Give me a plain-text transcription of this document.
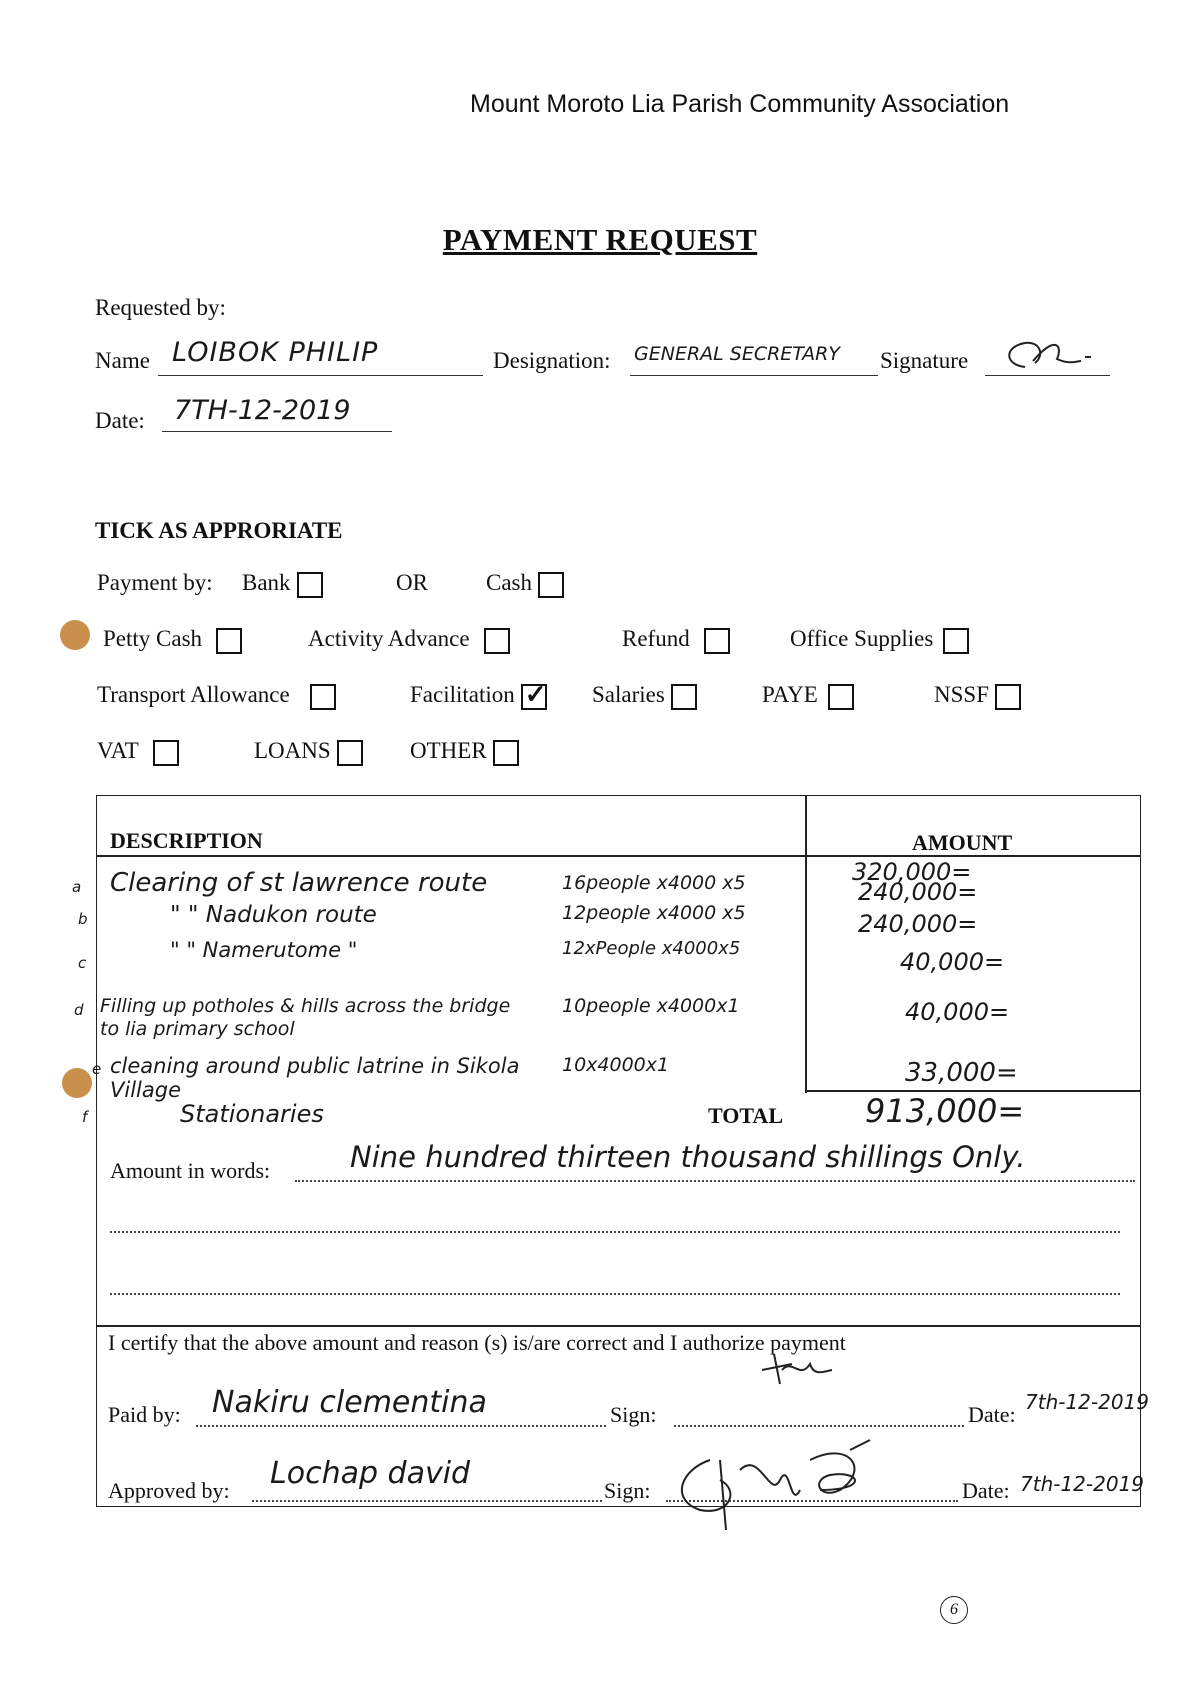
Mount Moroto Lia Parish Community Association
PAYMENT REQUEST
Requested by:
Name LOIBOK PHILIP	Designation: GENERAL SECRETARY Signature
Date: 7TH-12-2019
TICK AS APPRORIATE
Payment by: Bank	OR	Cash
Petty Cash	Activity Advance	Refund	Office Supplies
Transport Allowance	Facilitation✓	Salaries	PAYE	NSSF
VAT	LOANS	OTHER
DESCRIPTION	AMOUNT
a Clearing of st lawrence route	16people x4000 x5	320,000=
b	" " Nadukon route	12people x4000 x5
240,000=
c
" " Namerutome "	12xPeople x4000x5
240,000=
40,000=
d Filling up potholes & hills across the bridge to lia primary school
10people x4000x1	40,000=
e cleaning around public latrine in Sikola Village
10x4000x1	33,000=
f	Stationaries	TOTAL	913,000=
Amount in words:	Nine hundred thirteen thousand shillings Only.
I certify that the above amount and reason (s) is/are correct and I authorize payment
Paid by: Nakiru clementina	Sign:	Date: 7th-12-2019
Approved by: Lochap david	Sign:	Date: 7th-12-2019
6
